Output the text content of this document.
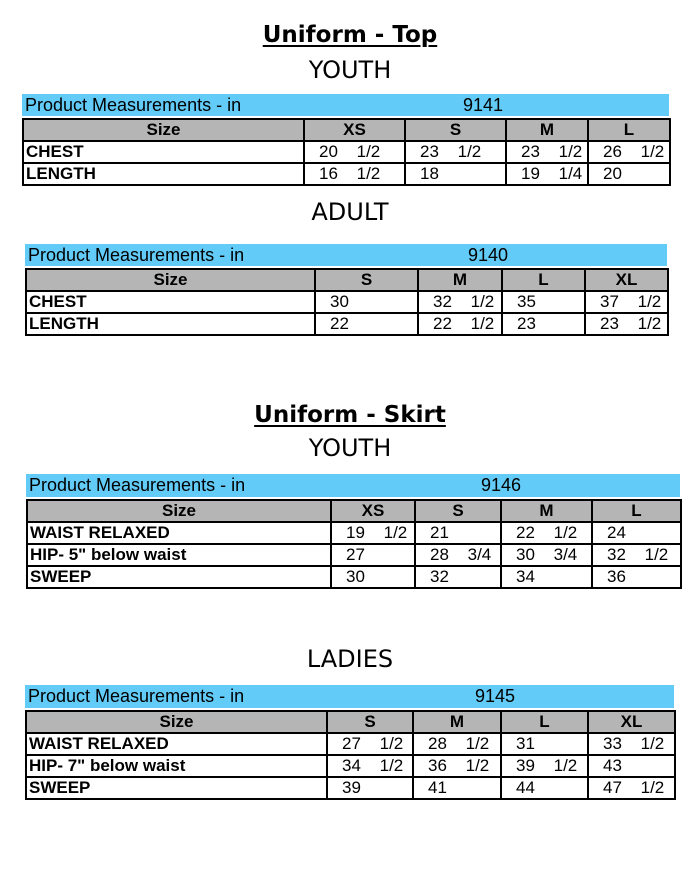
Uniform - Top
YOUTH
Product Measurements - in	9141
Size	XS	S	M	L
CHEST	20 1/2	23 1/2	23 1/2	26 1/2
LENGTH	16 1/2	18	19 1/4	20
ADULT
Product Measurements - in	9140
Size	S	M	L	XL
CHEST	30	32 1/2	35	37 1/2
LENGTH	22	22 1/2	23	23 1/2
Uniform - Skirt
YOUTH
Product Measurements - in	9146
Size	XS	S	M	L
WAIST RELAXED	19 1/2	21	22 1/2	24
HIP- 5" below waist	27	28 3/4	30 3/4	32 1/2
SWEEP	30	32	34	36
LADIES
Product Measurements - in	9145
Size	S	M	L	XL
WAIST RELAXED	27 1/2	28 1/2	31	33 1/2
HIP- 7" below waist	34 1/2	36 1/2	39 1/2	43
SWEEP	39	41	44	47 1/2
